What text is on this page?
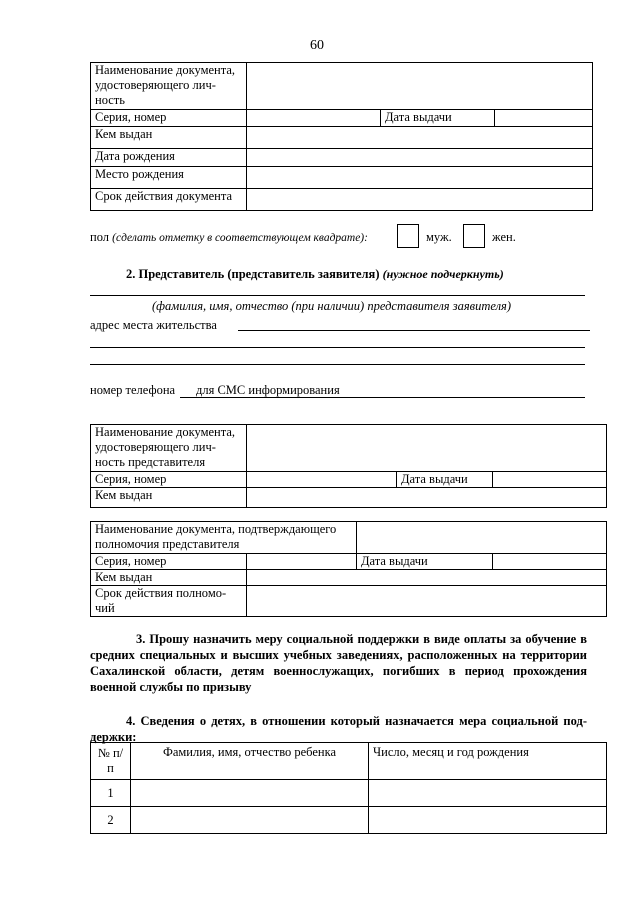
60
Наименование документа, удостоверяющего лич-ность			
Серия, номер		Дата выдачи	
Кем выдан			
Дата рождения			
Место рождения			
Срок действия документа			
пол (сделать отметку в соответствующем квадрате):	муж.	жен.
2. Представитель (представитель заявителя) (нужное подчеркнуть)
(фамилия, имя, отчество (при наличии) представителя заявителя)
адрес места жительства
номер телефона для СМС информирования
Наименование документа, удостоверяющего лич-ность представителя			
Серия, номер		Дата выдачи	
Кем выдан			
Наименование документа, подтверждающего полномочия представителя			
Серия, номер		Дата выдачи	
Кем выдан			
Срок действия полномо-чий			
3. Прошу назначить меру социальной поддержки в виде оплаты за обучение в средних специальных и высших учебных заведениях, расположенных на территории Сахалинской области, детям военнослужащих, погибших в период прохождения военной службы по призыву
4. Сведения о детях, в отношении который назначается мера социальной под-держки:
№ п/п	Фамилия, имя, отчество ребенка	Число, месяц и год рождения
1		
2		
